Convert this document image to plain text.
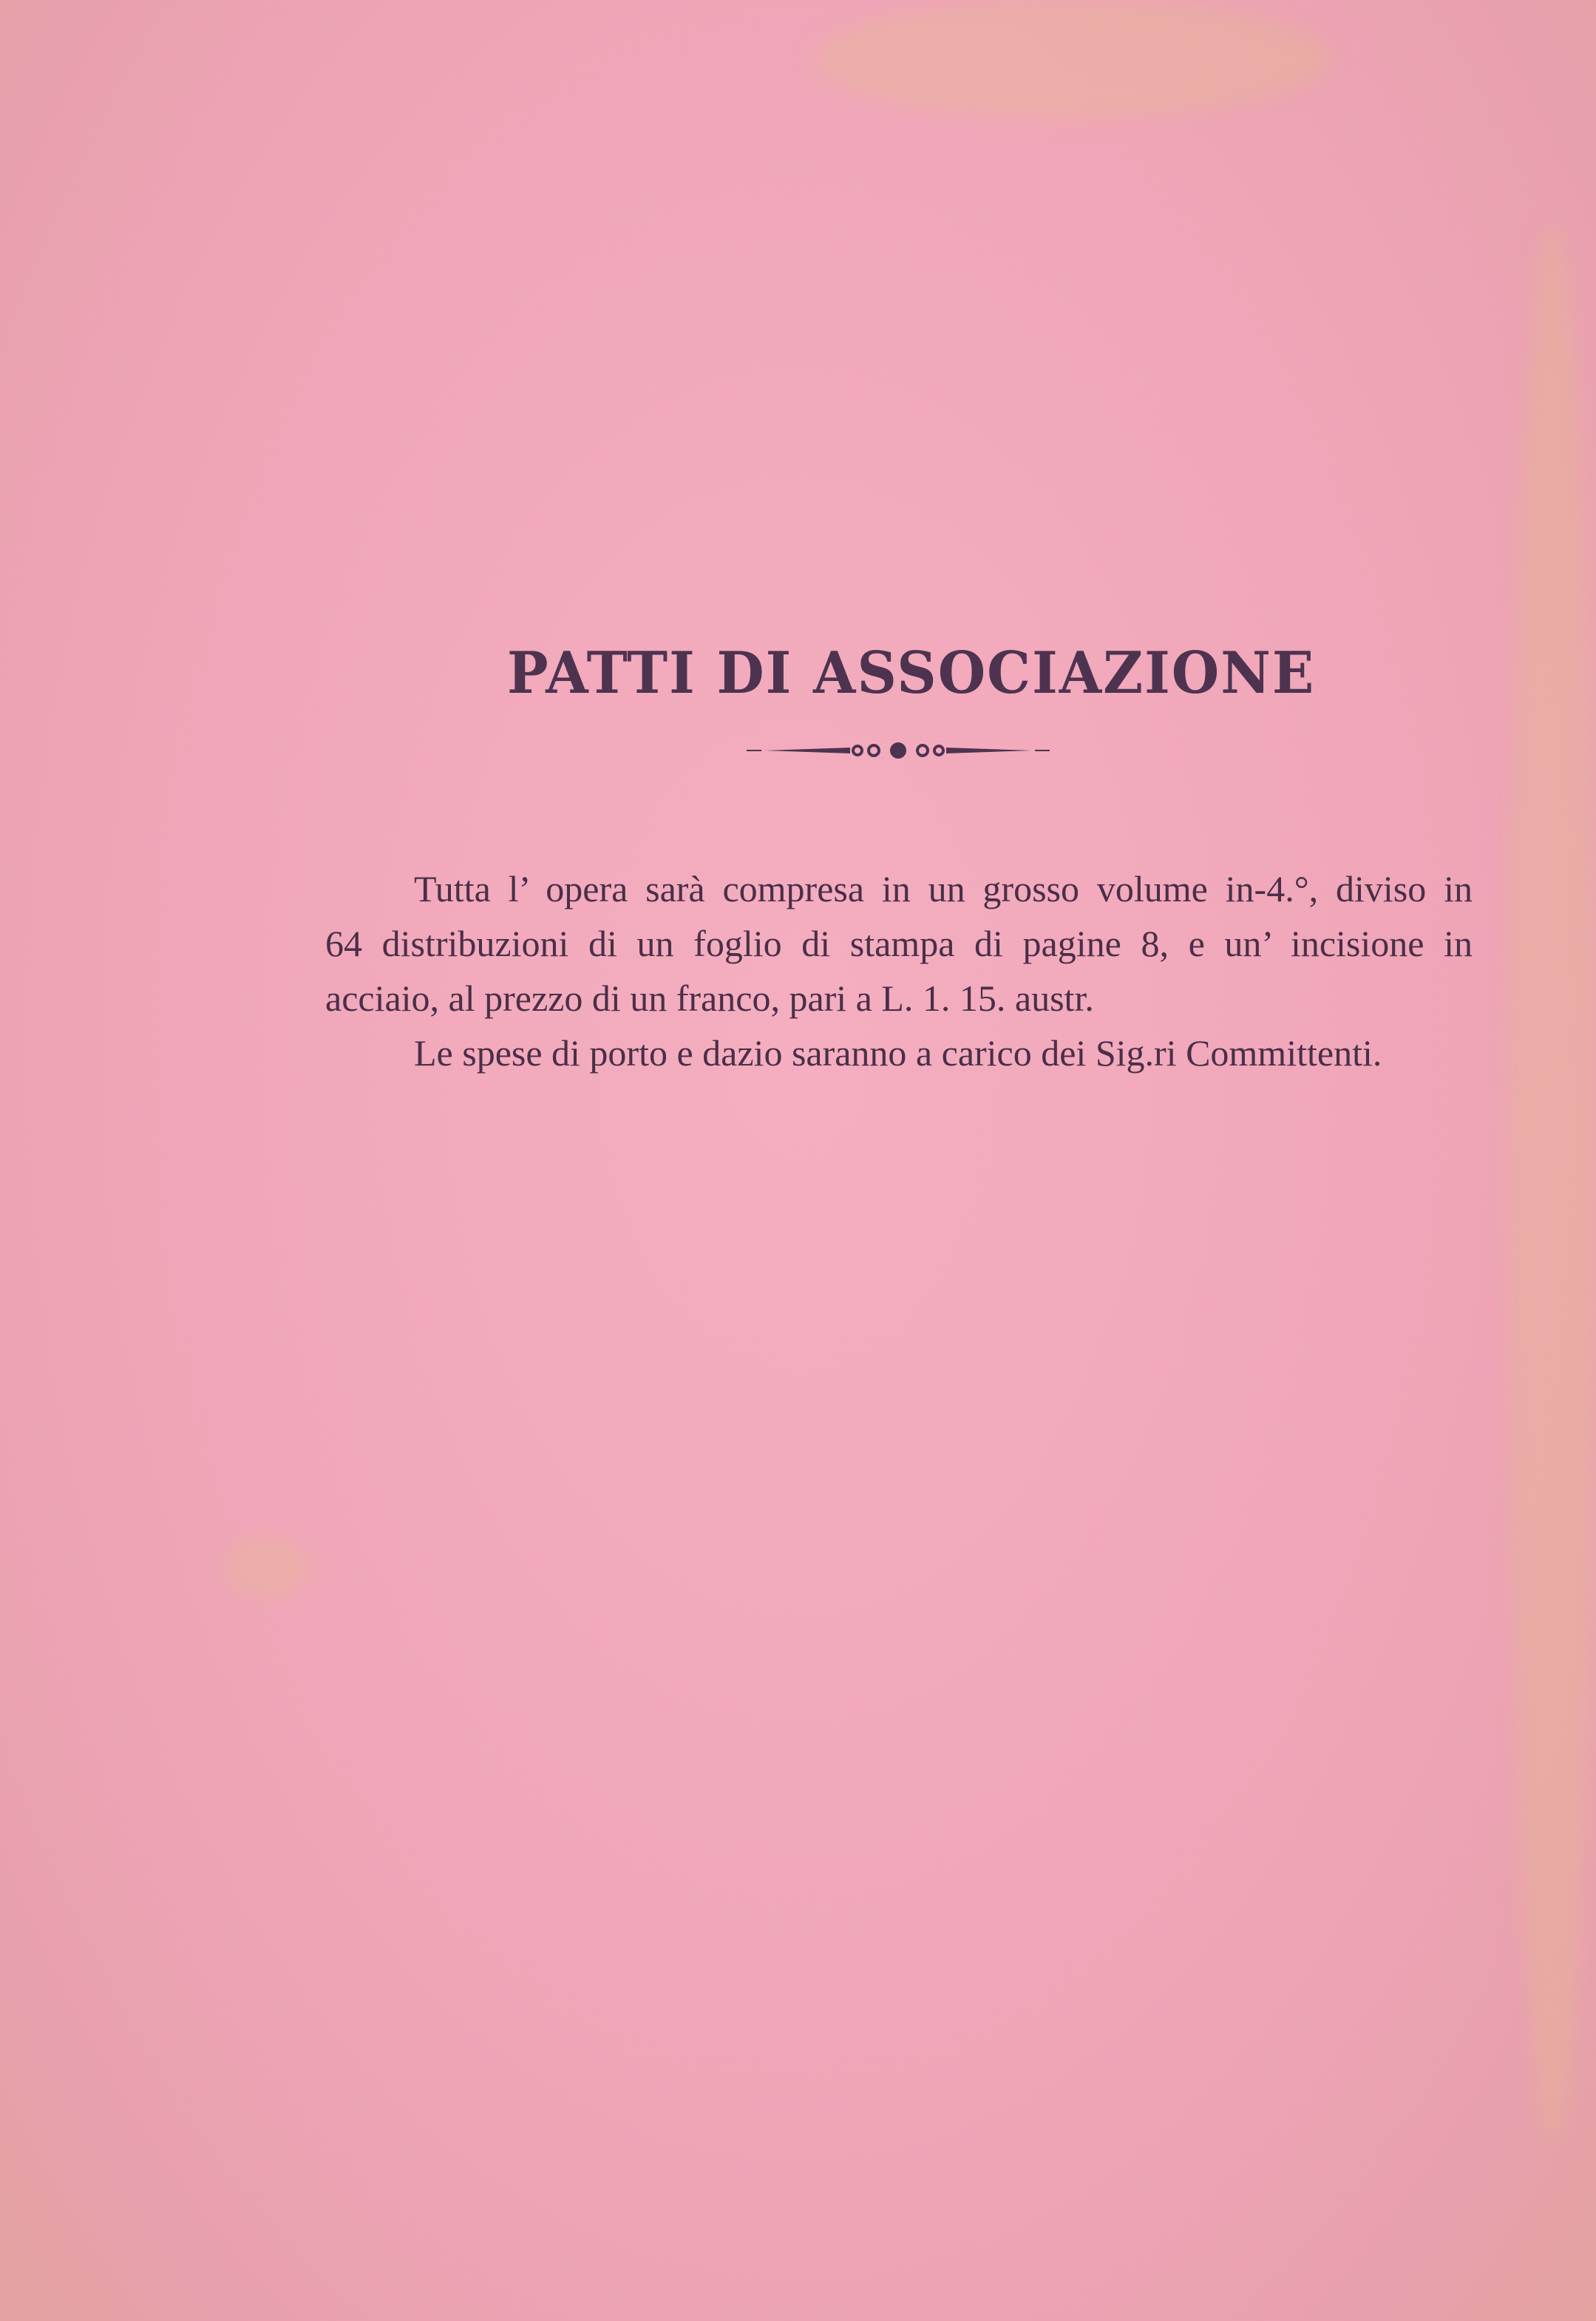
PATTI DI ASSOCIAZIONE
Tutta l’ opera sarà compresa in un grosso volume in-4.°, diviso in
64 distribuzioni di un foglio di stampa di pagine 8, e un’ incisione in
acciaio, al prezzo di un franco, pari a L. 1. 15. austr.
Le spese di porto e dazio saranno a carico dei Sig.ri Committenti.
